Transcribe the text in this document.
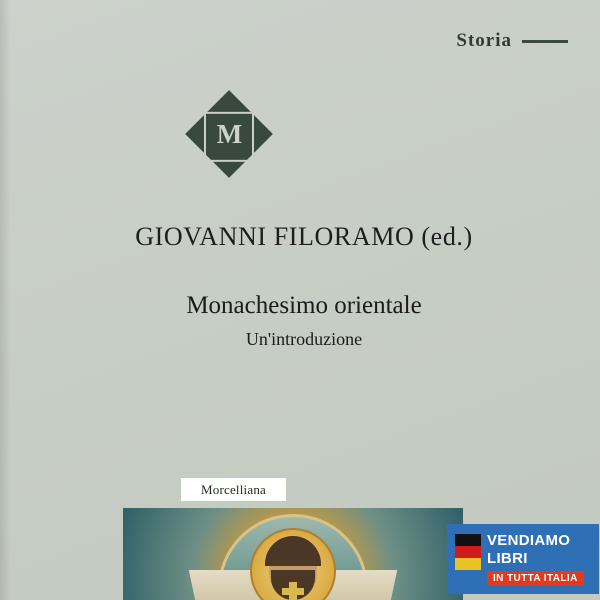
Storia
M

GIOVANNI FILORAMO (ed.)

Monachesimo orientale

Un'introduzione

Morcelliana
VENDIAMO
LIBRI
IN TUTTA ITALIA
